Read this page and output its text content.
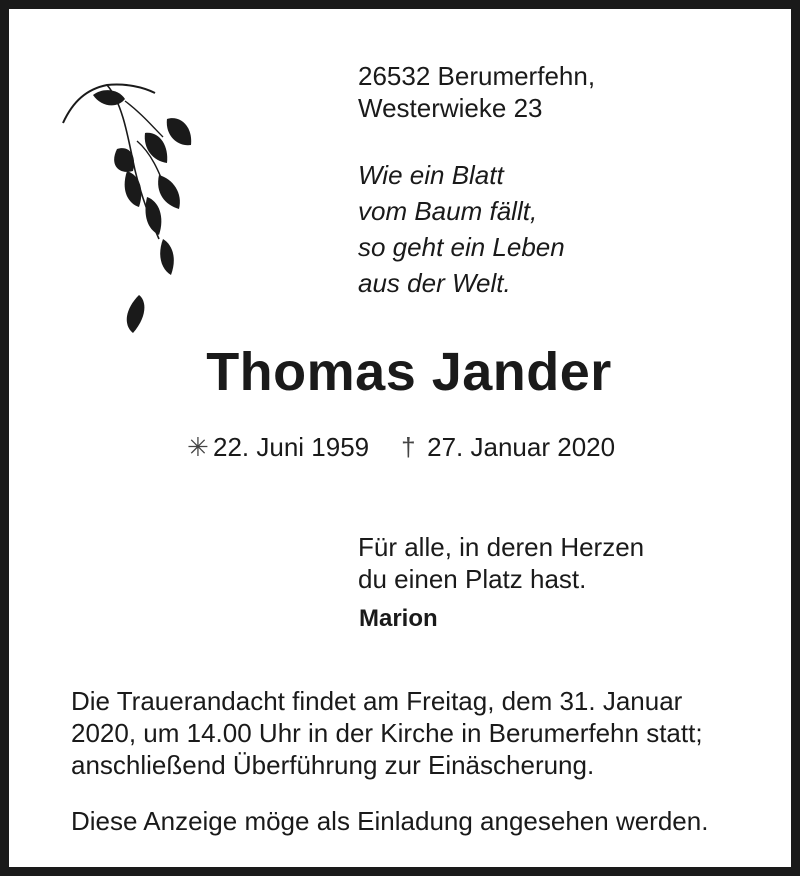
26532 Berumerfehn,
Westerwieke 23
Wie ein Blatt
vom Baum fällt,
so geht ein Leben
aus der Welt.
Thomas Jander
✳ 22. Juni 1959 † 27. Januar 2020
Für alle, in deren Herzen
du einen Platz hast.
Marion
Die Trauerandacht findet am Freitag, dem 31. Januar
2020, um 14.00 Uhr in der Kirche in Berumerfehn statt;
anschließend Überführung zur Einäscherung.
Diese Anzeige möge als Einladung angesehen werden.
